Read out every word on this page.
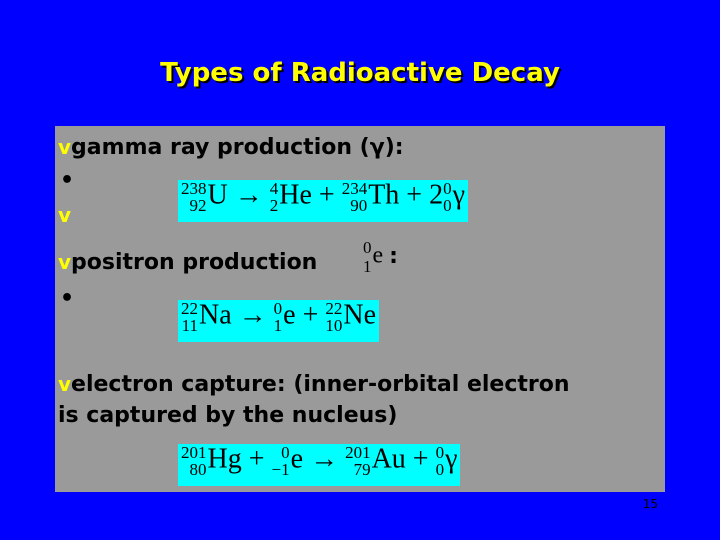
Types of Radioactive Decay
vgamma ray production (γ):
•	238
92 U → 4
2 He + 234
90 Th + 2 0
0 γ
v
vpositron production
0
1 e :
•	22
11 Na → 0
1 e + 22
10 Ne
velectron capture: (inner-orbital electron
is captured by the nucleus)
201
80 Hg + 0
−1 e → 201
79 Au + 0
0 γ
15
